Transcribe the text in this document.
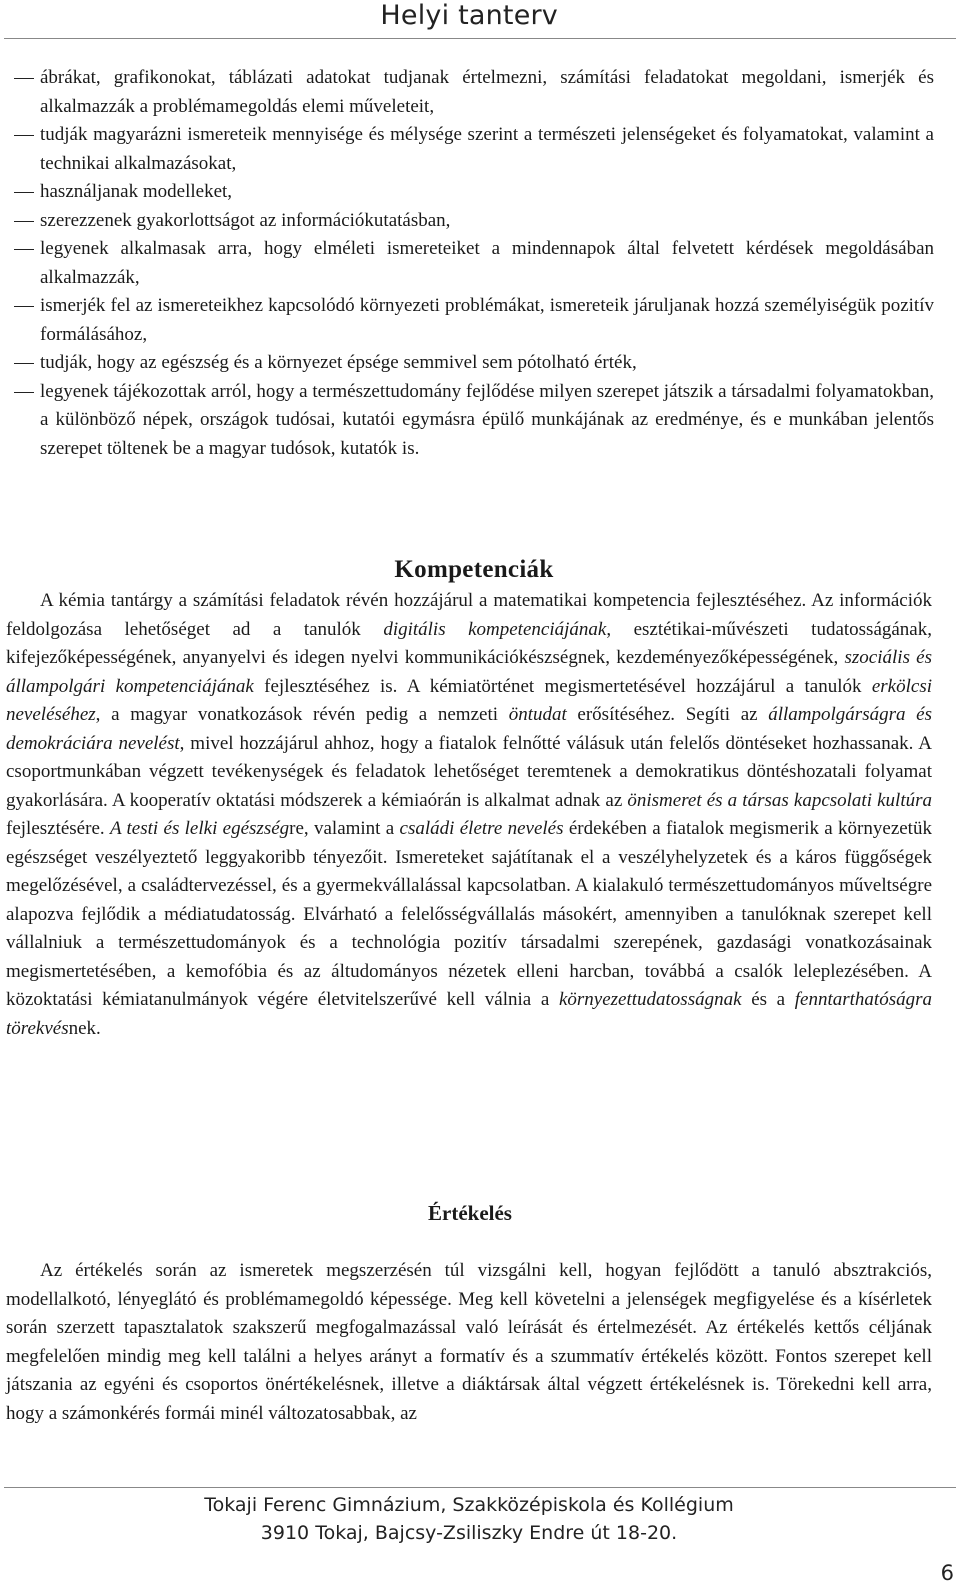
Helyi tanterv
ábrákat, grafikonokat, táblázati adatokat tudjanak értelmezni, számítási feladatokat megoldani, ismerjék és alkalmazzák a problémamegoldás elemi műveleteit,
tudják magyarázni ismereteik mennyisége és mélysége szerint a természeti jelenségeket és folyamatokat, valamint a technikai alkalmazásokat,
használjanak modelleket,
szerezzenek gyakorlottságot az információkutatásban,
legyenek alkalmasak arra, hogy elméleti ismereteiket a mindennapok által felvetett kérdések megoldásában alkalmazzák,
ismerjék fel az ismereteikhez kapcsolódó környezeti problémákat, ismereteik járuljanak hozzá személyiségük pozitív formálásához,
tudják, hogy az egészség és a környezet épsége semmivel sem pótolható érték,
legyenek tájékozottak arról, hogy a természettudomány fejlődése milyen szerepet játszik a társadalmi folyamatokban, a különböző népek, országok tudósai, kutatói egymásra épülő munkájának az eredménye, és e munkában jelentős szerepet töltenek be a magyar tudósok, kutatók is.
Kompetenciák

A kémia tantárgy a számítási feladatok révén hozzájárul a matematikai kompetencia fejlesztéséhez. Az információk feldolgozása lehetőséget ad a tanulók digitális kompetenciájának, esztétikai-művészeti tudatosságának, kifejezőképességének, anyanyelvi és idegen nyelvi kommunikációkészségnek, kezdeményezőképességének, szociális és állampolgári kompetenciájának fejlesztéséhez is. A kémiatörténet megismertetésével hozzájárul a tanulók erkölcsi neveléséhez, a magyar vonatkozások révén pedig a nemzeti öntudat erősítéséhez. Segíti az állampolgárságra és demokráciára nevelést, mivel hozzájárul ahhoz, hogy a fiatalok felnőtté válásuk után felelős döntéseket hozhassanak. A csoportmunkában végzett tevékenységek és feladatok lehetőséget teremtenek a demokratikus döntéshozatali folyamat gyakorlására. A kooperatív oktatási módszerek a kémiaórán is alkalmat adnak az önismeret és a társas kapcsolati kultúra fejlesztésére. A testi és lelki egészségre, valamint a családi életre nevelés érdekében a fiatalok megismerik a környezetük egészséget veszélyeztető leggyakoribb tényezőit. Ismereteket sajátítanak el a veszélyhelyzetek és a káros függőségek megelőzésével, a családtervezéssel, és a gyermekvállalással kapcsolatban. A kialakuló természettudományos műveltségre alapozva fejlődik a médiatudatosság. Elvárható a felelősségvállalás másokért, amennyiben a tanulóknak szerepet kell vállalniuk a természettudományok és a technológia pozitív társadalmi szerepének, gazdasági vonatkozásainak megismertetésében, a kemofóbia és az áltudományos nézetek elleni harcban, továbbá a csalók leleplezésében. A közoktatási kémiatanulmányok végére életvitelszerűvé kell válnia a környezettudatosságnak és a fenntarthatóságra törekvésnek.

Értékelés

Az értékelés során az ismeretek megszerzésén túl vizsgálni kell, hogyan fejlődött a tanuló absztrakciós, modellalkotó, lényeglátó és problémamegoldó képessége. Meg kell követelni a jelenségek megfigyelése és a kísérletek során szerzett tapasztalatok szakszerű megfogalmazással való leírását és értelmezését. Az értékelés kettős céljának megfelelően mindig meg kell találni a helyes arányt a formatív és a szummatív értékelés között. Fontos szerepet kell játszania az egyéni és csoportos önértékelésnek, illetve a diáktársak által végzett értékelésnek is. Törekedni kell arra, hogy a számonkérés formái minél változatosabbak, az

Tokaji Ferenc Gimnázium, Szakközépiskola és Kollégium
3910 Tokaj, Bajcsy-Zsiliszky Endre út 18-20.
6
